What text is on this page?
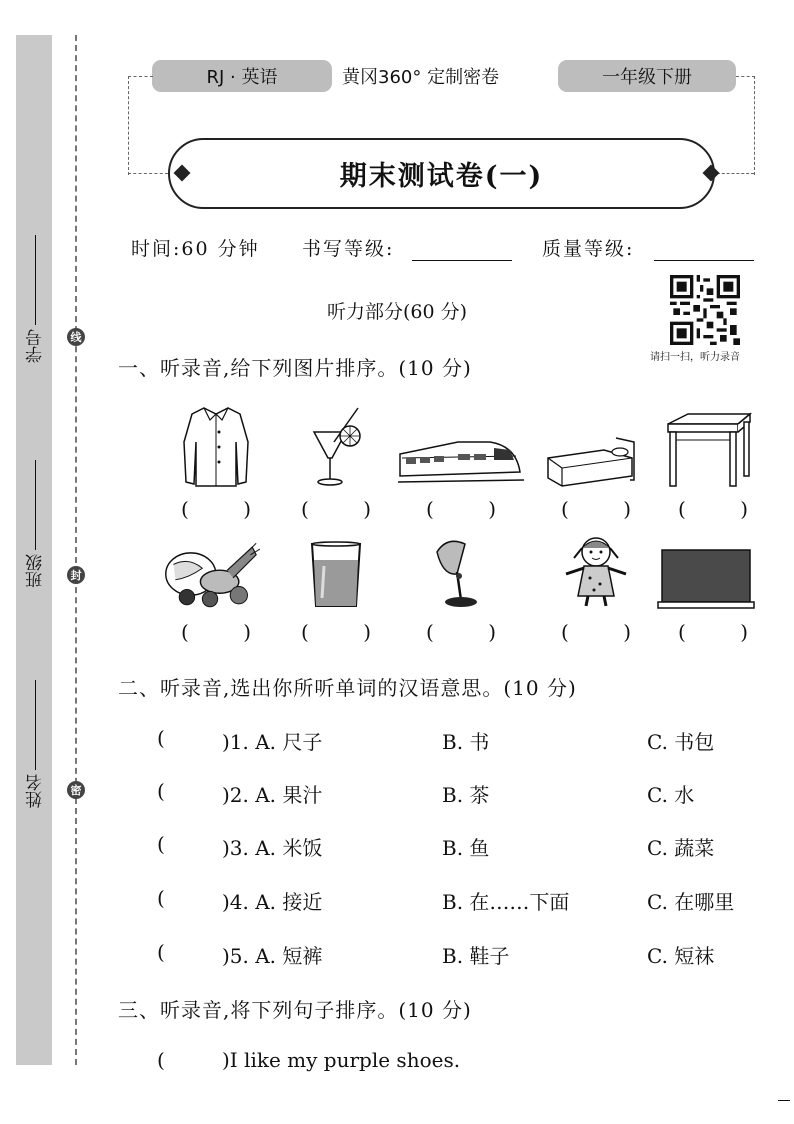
线
封
密
学号
班级
姓名
RJ · 英语	黄冈360° 定制密卷	一年级下册
期末测试卷(一)
时间:60 分钟 书写等级:	质量等级:
请扫一扫，听力录音
听力部分(60 分)
一、听录音,给下列图片排序。(10 分)
(	)	(	)	(	)	(	) (	)
(	)	(	)	(	)	(	) (	)
二、听录音,选出你所听单词的汉语意思。(10 分)
(	)1. A. 尺子	B. 书	C. 书包
(	)2. A. 果汁	B. 茶	C. 水
(	)3. A. 米饭	B. 鱼	C. 蔬菜
(	)4. A. 接近	B. 在……下面	C. 在哪里
(	)5. A. 短裤	B. 鞋子	C. 短袜
三、听录音,将下列句子排序。(10 分)
(	)I like my purple shoes.
